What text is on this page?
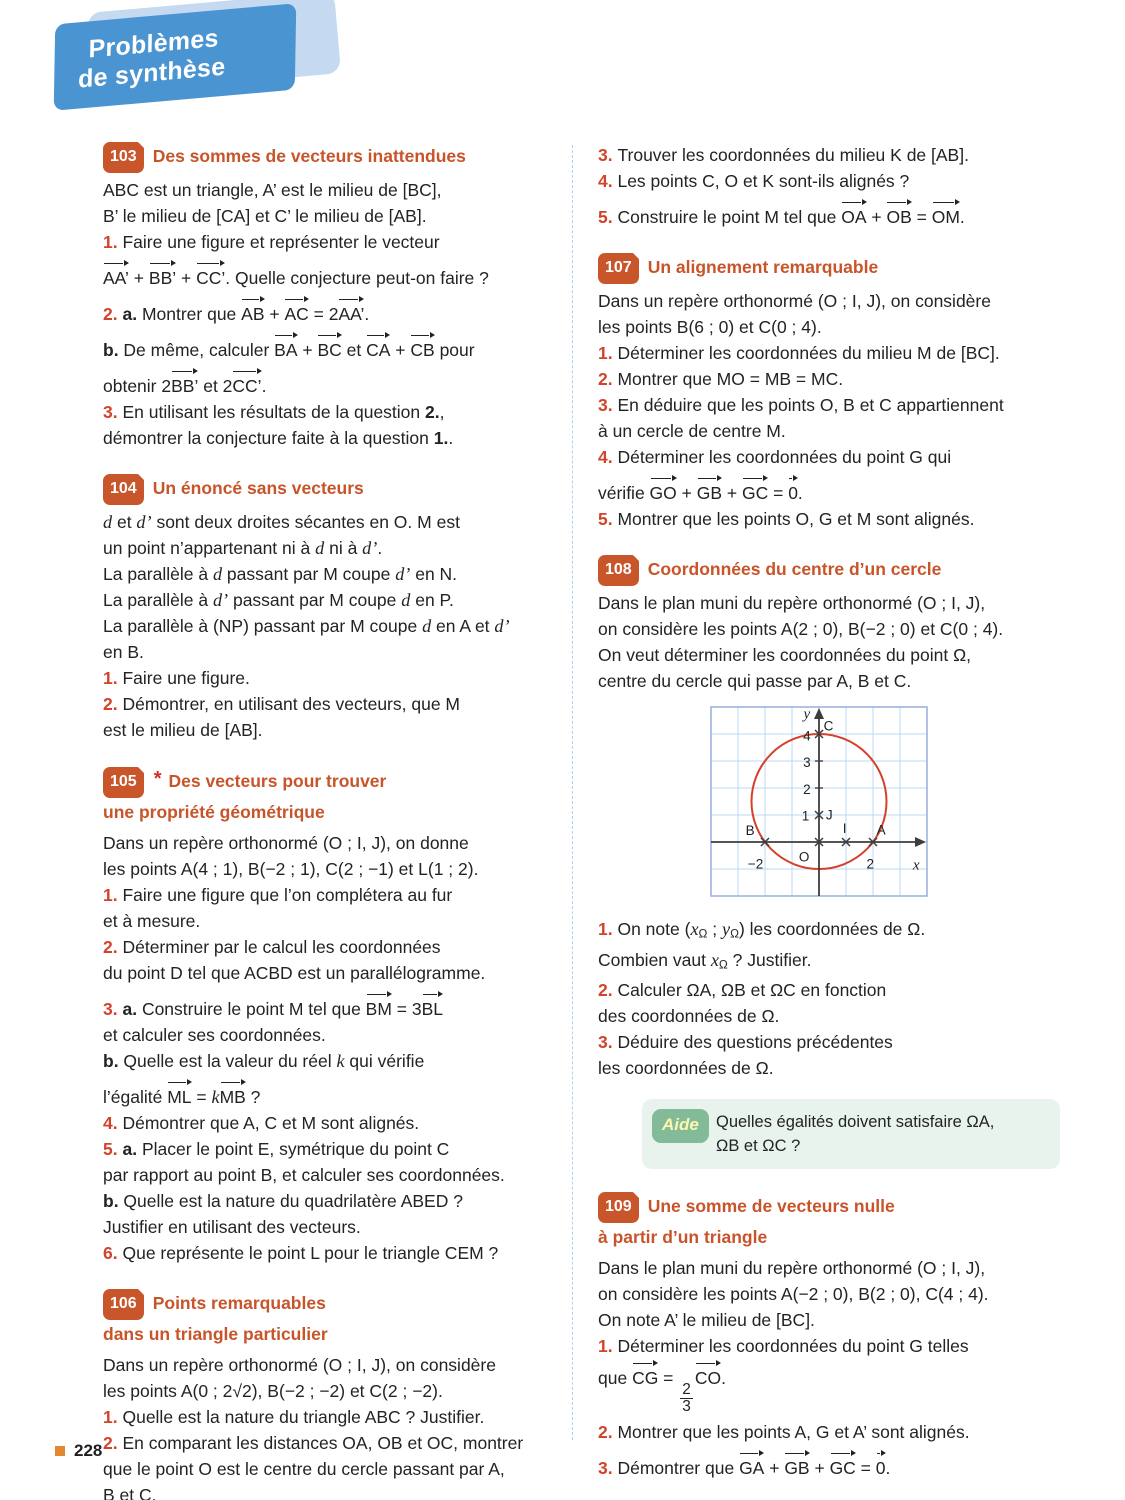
Problèmes
de synthèse
103 Des sommes de vecteurs inattendues
ABC est un triangle, A’ est le milieu de [BC],
B’ le milieu de [CA] et C’ le milieu de [AB].
1. Faire une figure et représenter le vecteur
AA’ + BB’ + CC’. Quelle conjecture peut-on faire ?
2. a. Montrer que AB + AC = 2AA’.
b. De même, calculer BA + BC et CA + CB pour
obtenir 2BB’ et 2CC’.
3. En utilisant les résultats de la question 2.,
démontrer la conjecture faite à la question 1..
104 Un énoncé sans vecteurs
d et d’ sont deux droites sécantes en O. M est
un point n’appartenant ni à d ni à d’.
La parallèle à d passant par M coupe d’ en N.
La parallèle à d’ passant par M coupe d en P.
La parallèle à (NP) passant par M coupe d en A et d’
en B.
1. Faire une figure.
2. Démontrer, en utilisant des vecteurs, que M
est le milieu de [AB].
105 * Des vecteurs pour trouver
une propriété géométrique
Dans un repère orthonormé (O ; I, J), on donne
les points A(4 ; 1), B(−2 ; 1), C(2 ; −1) et L(1 ; 2).
1. Faire une figure que l’on complétera au fur
et à mesure.
2. Déterminer par le calcul les coordonnées
du point D tel que ACBD est un parallélogramme.
3. a. Construire le point M tel que BM = 3BL
et calculer ses coordonnées.
b. Quelle est la valeur du réel k qui vérifie
l’égalité ML = kMB ?
4. Démontrer que A, C et M sont alignés.
5. a. Placer le point E, symétrique du point C
par rapport au point B, et calculer ses coordonnées.
b. Quelle est la nature du quadrilatère ABED ?
Justifier en utilisant des vecteurs.
6. Que représente le point L pour le triangle CEM ?
106 Points remarquables
dans un triangle particulier
Dans un repère orthonormé (O ; I, J), on considère
les points A(0 ; 2√2), B(−2 ; −2) et C(2 ; −2).
1. Quelle est la nature du triangle ABC ? Justifier.
2. En comparant les distances OA, OB et OC, montrer
que le point O est le centre du cercle passant par A,
B et C.
3. Trouver les coordonnées du milieu K de [AB].
4. Les points C, O et K sont-ils alignés ?
5. Construire le point M tel que OA + OB = OM.
107 Un alignement remarquable
Dans un repère orthonormé (O ; I, J), on considère
les points B(6 ; 0) et C(0 ; 4).
1. Déterminer les coordonnées du milieu M de [BC].
2. Montrer que MO = MB = MC.
3. En déduire que les points O, B et C appartiennent
à un cercle de centre M.
4. Déterminer les coordonnées du point G qui
vérifie GO + GB + GC = 0.
5. Montrer que les points O, G et M sont alignés.
108 Coordonnées du centre d’un cercle
Dans le plan muni du repère orthonormé (O ; I, J),
on considère les points A(2 ; 0), B(−2 ; 0) et C(0 ; 4).
On veut déterminer les coordonnées du point Ω,
centre du cercle qui passe par A, B et C.
y
C
4
3
2
1 J
B	I A
O
−2	2	x
1. On note (xΩ ; yΩ) les coordonnées de Ω.
Combien vaut xΩ ? Justifier.
2. Calculer ΩA, ΩB et ΩC en fonction
des coordonnées de Ω.
3. Déduire des questions précédentes
les coordonnées de Ω.
Aide	Quelles égalités doivent satisfaire ΩA,
ΩB et ΩC ?
109 Une somme de vecteurs nulle
à partir d’un triangle
Dans le plan muni du repère orthonormé (O ; I, J),
on considère les points A(−2 ; 0), B(2 ; 0), C(4 ; 4).
On note A’ le milieu de [BC].
1. Déterminer les coordonnées du point G telles
que CG =
$\frac{2}{3}$
CO.
2. Montrer que les points A, G et A’ sont alignés.
3. Démontrer que GA + GB + GC = 0.
228
